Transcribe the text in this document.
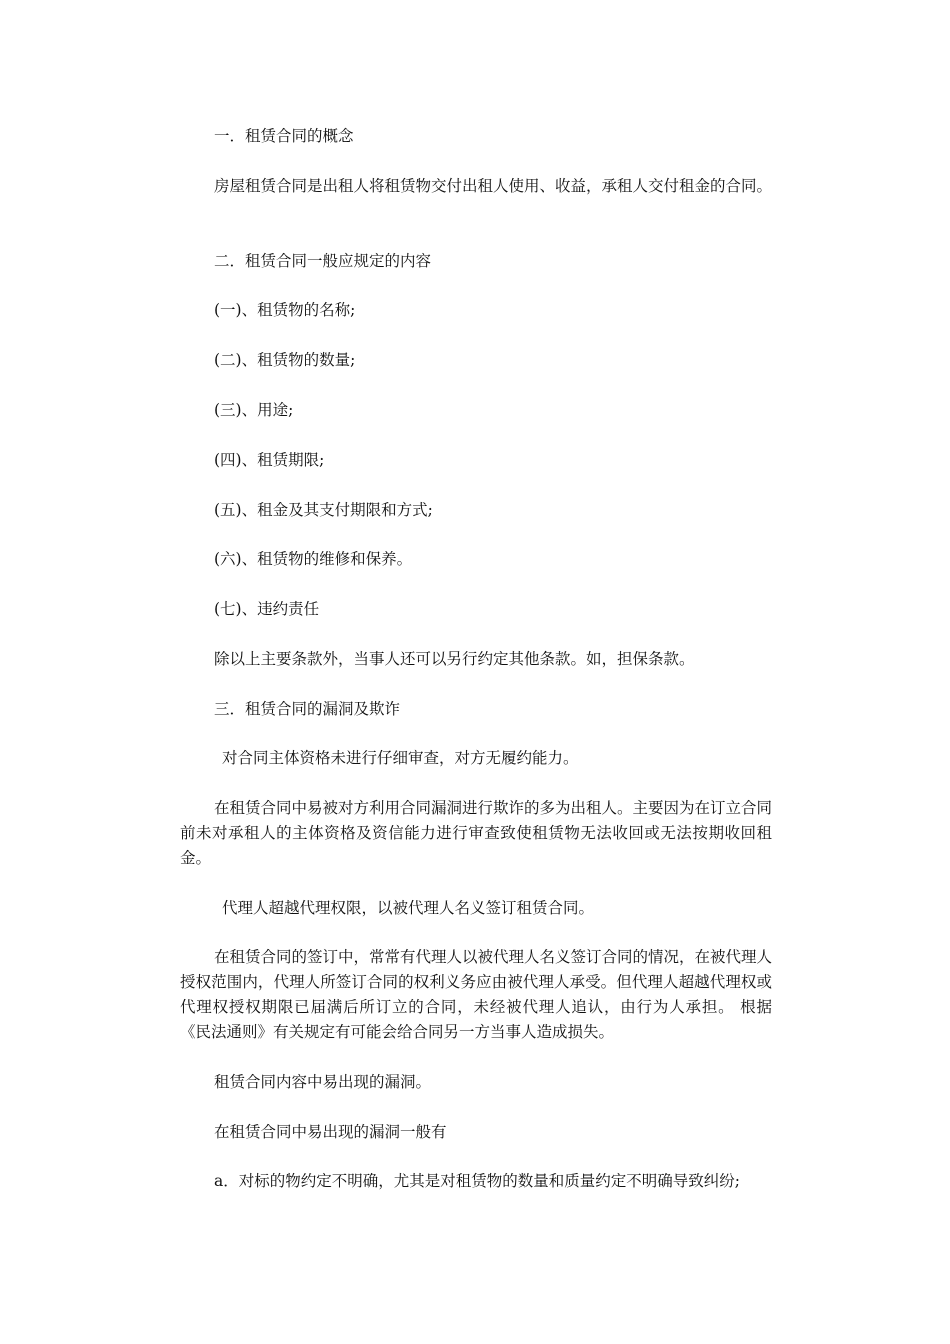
一．租赁合同的概念
房屋租赁合同是出租人将租赁物交付出租人使用、收益，承租人交付租金的合同。
二．租赁合同一般应规定的内容
(一)、租赁物的名称;
(二)、租赁物的数量;
(三)、用途;
(四)、租赁期限;
(五)、租金及其支付期限和方式;
(六)、租赁物的维修和保养。
(七)、违约责任
除以上主要条款外，当事人还可以另行约定其他条款。如，担保条款。
三．租赁合同的漏洞及欺诈
对合同主体资格未进行仔细审查，对方无履约能力。
在租赁合同中易被对方利用合同漏洞进行欺诈的多为出租人。主要因为在订立合同前未对承租人的主体资格及资信能力进行审查致使租赁物无法收回或无法按期收回租金。
代理人超越代理权限，以被代理人名义签订租赁合同。
在租赁合同的签订中，常常有代理人以被代理人名义签订合同的情况，在被代理人授权范围内，代理人所签订合同的权利义务应由被代理人承受。但代理人超越代理权或代理权授权期限已届满后所订立的合同，未经被代理人追认，由行为人承担。 根据《民法通则》有关规定有可能会给合同另一方当事人造成损失。
租赁合同内容中易出现的漏洞。
在租赁合同中易出现的漏洞一般有
a．对标的物约定不明确，尤其是对租赁物的数量和质量约定不明确导致纠纷;
